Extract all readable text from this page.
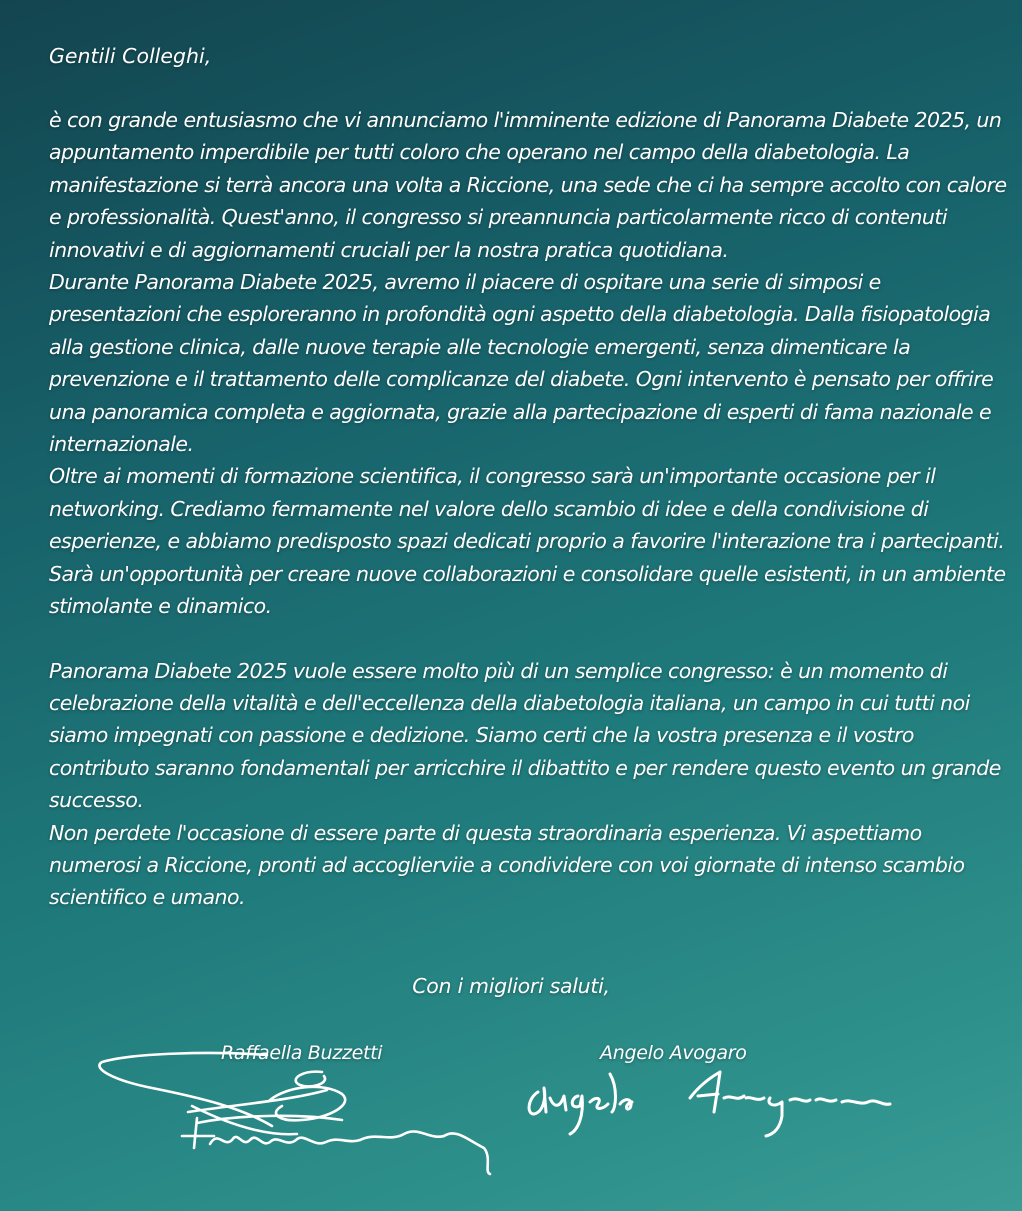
Gentili Colleghi,

è con grande entusiasmo che vi annunciamo l'imminente edizione di Panorama Diabete 2025, un appuntamento imperdibile per tutti coloro che operano nel campo della diabetologia. La manifestazione si terrà ancora una volta a Riccione, una sede che ci ha sempre accolto con calore e professionalità. Quest'anno, il congresso si preannuncia particolarmente ricco di contenuti innovativi e di aggiornamenti cruciali per la nostra pratica quotidiana.

Durante Panorama Diabete 2025, avremo il piacere di ospitare una serie di simposi e presentazioni che esploreranno in profondità ogni aspetto della diabetologia. Dalla fisiopatologia alla gestione clinica, dalle nuove terapie alle tecnologie emergenti, senza dimenticare la prevenzione e il trattamento delle complicanze del diabete. Ogni intervento è pensato per offrire una panoramica completa e aggiornata, grazie alla partecipazione di esperti di fama nazionale e internazionale.

Oltre ai momenti di formazione scientifica, il congresso sarà un'importante occasione per il networking. Crediamo fermamente nel valore dello scambio di idee e della condivisione di esperienze, e abbiamo predisposto spazi dedicati proprio a favorire l'interazione tra i partecipanti. Sarà un'opportunità per creare nuove collaborazioni e consolidare quelle esistenti, in un ambiente stimolante e dinamico.

Panorama Diabete 2025 vuole essere molto più di un semplice congresso: è un momento di celebrazione della vitalità e dell'eccellenza della diabetologia italiana, un campo in cui tutti noi siamo impegnati con passione e dedizione. Siamo certi che la vostra presenza e il vostro contributo saranno fondamentali per arricchire il dibattito e per rendere questo evento un grande successo.

Non perdete l'occasione di essere parte di questa straordinaria esperienza. Vi aspettiamo numerosi a Riccione, pronti ad accoglierviie a condividere con voi giornate di intenso scambio scientifico e umano.

Con i migliori saluti,
Raffaella Buzzetti	Angelo Avogaro
